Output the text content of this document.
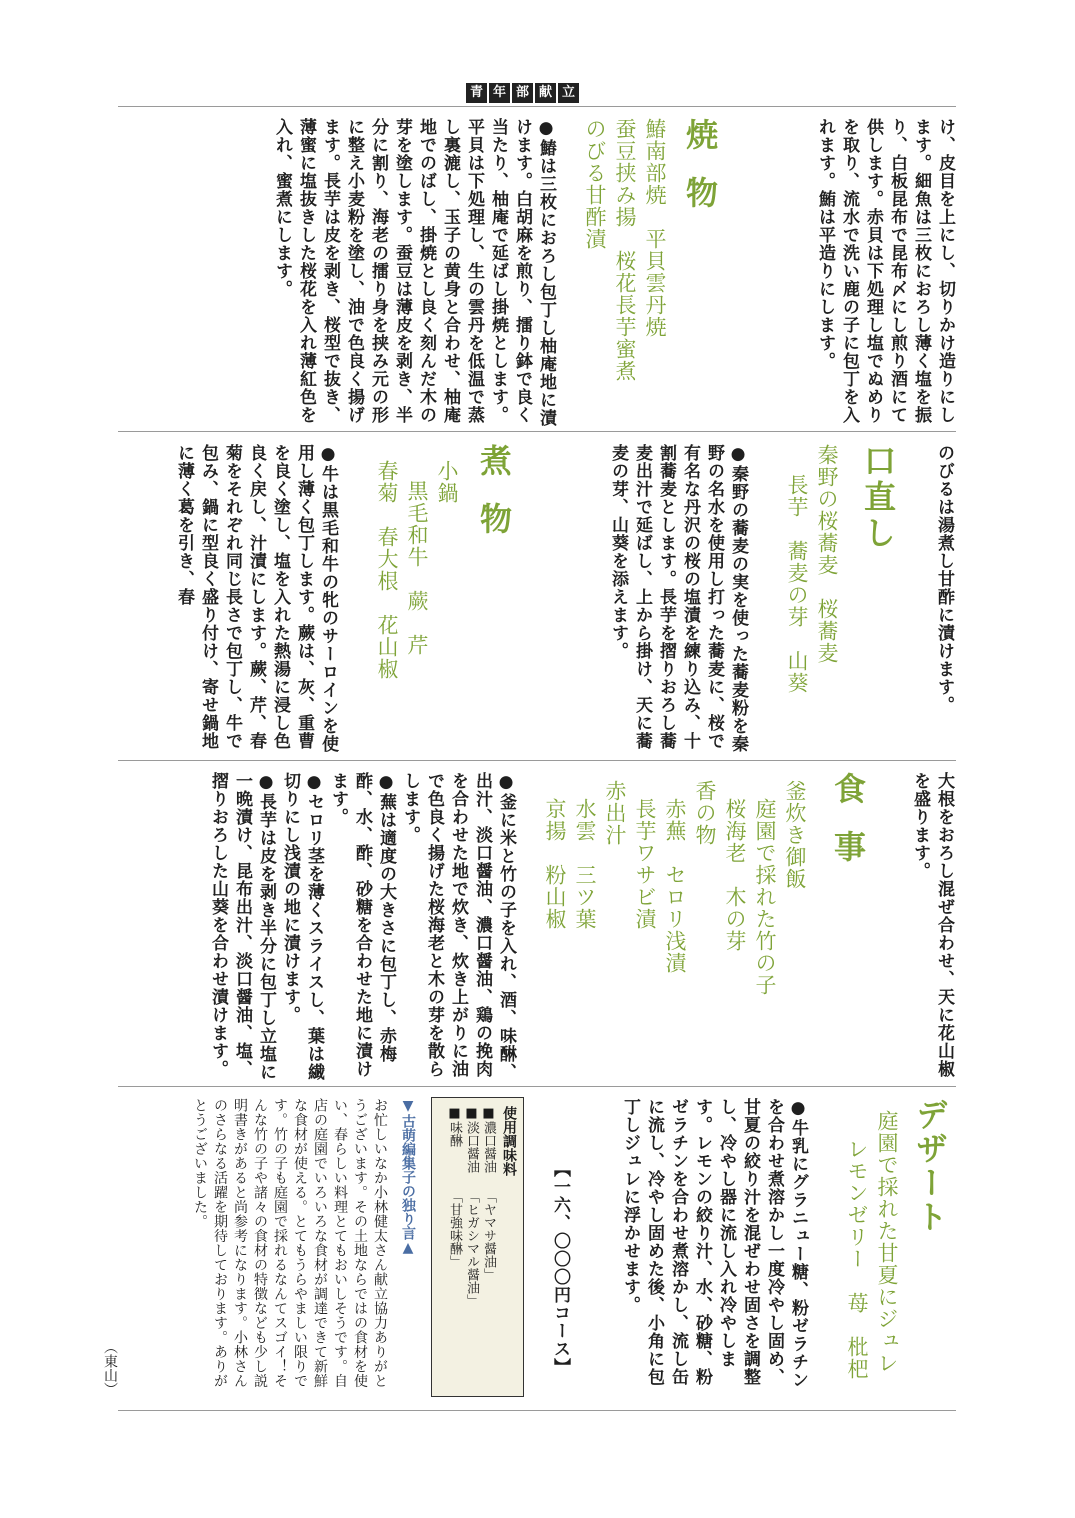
青 年 部 献 立

け、皮目を上にし、切りかけ造りにします。細魚は三枚におろし薄く塩を振り、白板昆布で昆布〆にし煎り酒にて供します。赤貝は下処理し塩でぬめりを取り、流水で洗い鹿の子に包丁を入れます。鮪は平造りにします。

焼物
鰆南部焼　平貝雲丹焼
蚕豆挟み揚　桜花長芋蜜煮
のびる甘酢漬

●鰆は三枚におろし包丁し柚庵地に漬けます。白胡麻を煎り、擂り鉢で良く当たり、柚庵で延ばし掛焼とします。平貝は下処理し、生の雲丹を低温で蒸し裏漉し、玉子の黄身と合わせ、柚庵地でのばし、掛焼とし良く刻んだ木の芽を塗します。蚕豆は薄皮を剥き、半分に割り、海老の擂り身を挟み元の形に整え小麦粉を塗し、油で色良く揚げます。長芋は皮を剥き、桜型で抜き、薄蜜に塩抜きした桜花を入れ薄紅色を入れ、蜜煮にします。

のびるは湯煮し甘酢に漬けます。

口直し
秦野の桜蕎麦　桜蕎麦
長芋　蕎麦の芽　山葵

●秦野の蕎麦の実を使った蕎麦粉を秦野の名水を使用し打った蕎麦に、桜で有名な丹沢の桜の塩漬を練り込み、十割蕎麦とします。長芋を摺りおろし蕎麦出汁で延ばし、上から掛け、天に蕎麦の芽、山葵を添えます。

煮物
小鍋
黒毛和牛　蕨　芹
春菊　春大根　花山椒

●牛は黒毛和牛の牝のサーロインを使用し薄く包丁します。蕨は、灰、重曹を良く塗し、塩を入れた熱湯に浸し色良く戻し、汁漬にします。蕨、芹、春菊をそれぞれ同じ長さで包丁し、牛で包み、鍋に型良く盛り付け、寄せ鍋地に薄く葛を引き、春

大根をおろし混ぜ合わせ、天に花山椒を盛ります。

食事
釜炊き御飯
庭園で採れた竹の子
桜海老　木の芽
香の物
赤蕪　セロリ浅漬
長芋ワサビ漬
赤出汁
水雲　三ツ葉
京揚　粉山椒

●釜に米と竹の子を入れ、酒、味醂、出汁、淡口醤油、濃口醤油、鶏の挽肉を合わせた地で炊き、炊き上がりに油で色良く揚げた桜海老と木の芽を散らします。

●蕪は適度の大きさに包丁し、赤梅酢、水、酢、砂糖を合わせた地に漬けます。

●セロリ茎を薄くスライスし、葉は繊切りにし浅漬の地に漬けます。

●長芋は皮を剥き半分に包丁し立塩に一晩漬け、昆布出汁、淡口醤油、塩、摺りおろした山葵を合わせ漬けます。

デザート
庭園で採れた甘夏にジュレ
レモンゼリー　苺　枇杷

●牛乳にグラニュー糖、粉ゼラチンを合わせ煮溶かし一度冷やし固め、甘夏の絞り汁を混ぜわせ固さを調整し、冷やし器に流し入れ冷やします。レモンの絞り汁、水、砂糖、粉ゼラチンを合わせ煮溶かし、流し缶に流し、冷やし固めた後、小角に包丁しジュレに浮かせます。

【一六、〇〇〇円コース】
使用調味料
■濃口醤油
■淡口醤油
■味醂
「ヤマサ醤油」
「ヒガシマル醤油」
「甘強味醂」
▼古萌編集子の独り言▲

お忙しいなか小林健太さん献立協力ありがとうございます。その土地ならではの食材を使い、春らしい料理とてもおいしそうです。自店の庭園でいろいろな食材が調達できて新鮮な食材が使える。とてもうらやましい限りです。竹の子も庭園で採れるなんてスゴイ！そんな竹の子や諸々の食材の特徴なども少し説明書きがあると尚参考になります。小林さんのさらなる活躍を期待しております。ありがとうございました。

（東山）
